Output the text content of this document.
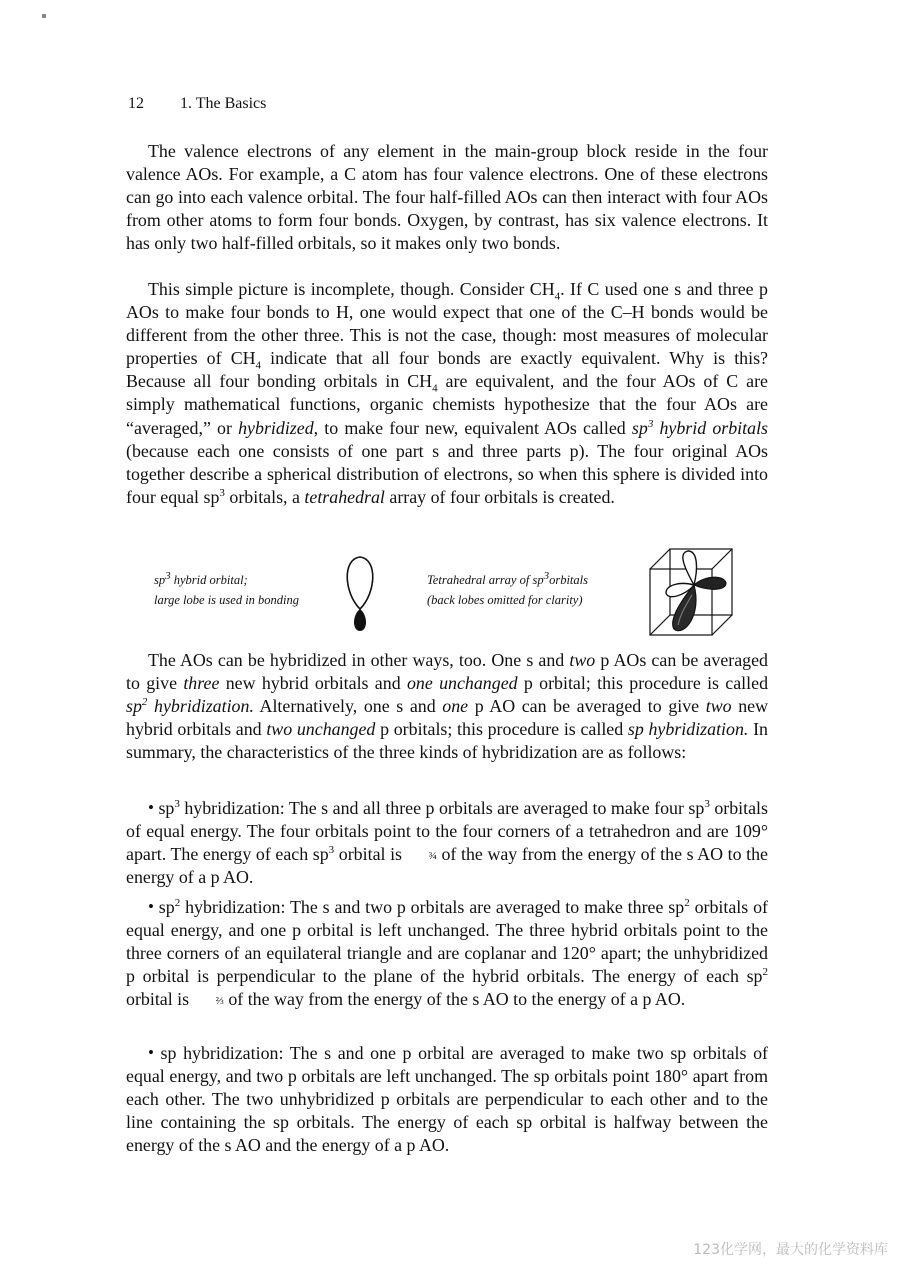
12 1. The Basics

The valence electrons of any element in the main-group block reside in the four valence AOs. For example, a C atom has four valence electrons. One of these electrons can go into each valence orbital. The four half-filled AOs can then interact with four AOs from other atoms to form four bonds. Oxygen, by contrast, has six valence electrons. It has only two half-filled orbitals, so it makes only two bonds.

This simple picture is incomplete, though. Consider $CH_4$. If C used one s and three p AOs to make four bonds to H, one would expect that one of the C–H bonds would be different from the other three. This is not the case, though: most measures of molecular properties of $CH_4$ indicate that all four bonds are exactly equivalent. Why is this? Because all four bonding orbitals in $CH_4$ are equivalent, and the four AOs of C are simply mathematical functions, organic chemists hypothesize that the four AOs are “averaged,” or hybridized, to make four new, equivalent AOs called $sp^3$ hybrid orbitals (because each one consists of one part s and three parts p). The four original AOs together describe a spherical distribution of electrons, so when this sphere is divided into four equal $sp^3$ orbitals, a tetrahedral array of four orbitals is created.

$sp^3$ hybrid orbital;
large lobe is used in bonding
Tetrahedral array of $sp^3orbitals$
(back lobes omitted for clarity)

The AOs can be hybridized in other ways, too. One s and two p AOs can be averaged to give three new hybrid orbitals and one unchanged p orbital; this procedure is called $sp^2$ hybridization. Alternatively, one s and one p AO can be averaged to give two new hybrid orbitals and two unchanged p orbitals; this procedure is called sp hybridization. In summary, the characteristics of the three kinds of hybridization are as follows:

• $sp^3$ hybridization: The s and all three p orbitals are averaged to make four $sp^3$ orbitals of equal energy. The four orbitals point to the four corners of a tetrahedron and are 109° apart. The energy of each $sp^3$ orbital is ¾ of the way from the energy of the s AO to the energy of a p AO.

• $sp^2$ hybridization: The s and two p orbitals are averaged to make three $sp^2$ orbitals of equal energy, and one p orbital is left unchanged. The three hybrid orbitals point to the three corners of an equilateral triangle and are coplanar and 120° apart; the unhybridized p orbital is perpendicular to the plane of the hybrid orbitals. The energy of each $sp^2$ orbital is ⅔ of the way from the energy of the s AO to the energy of a p AO.

• sp hybridization: The s and one p orbital are averaged to make two sp orbitals of equal energy, and two p orbitals are left unchanged. The sp orbitals point 180° apart from each other. The two unhybridized p orbitals are perpendicular to each other and to the line containing the sp orbitals. The energy of each sp orbital is halfway between the energy of the s AO and the energy of a p AO.

123化学网，最大的化学资料库
